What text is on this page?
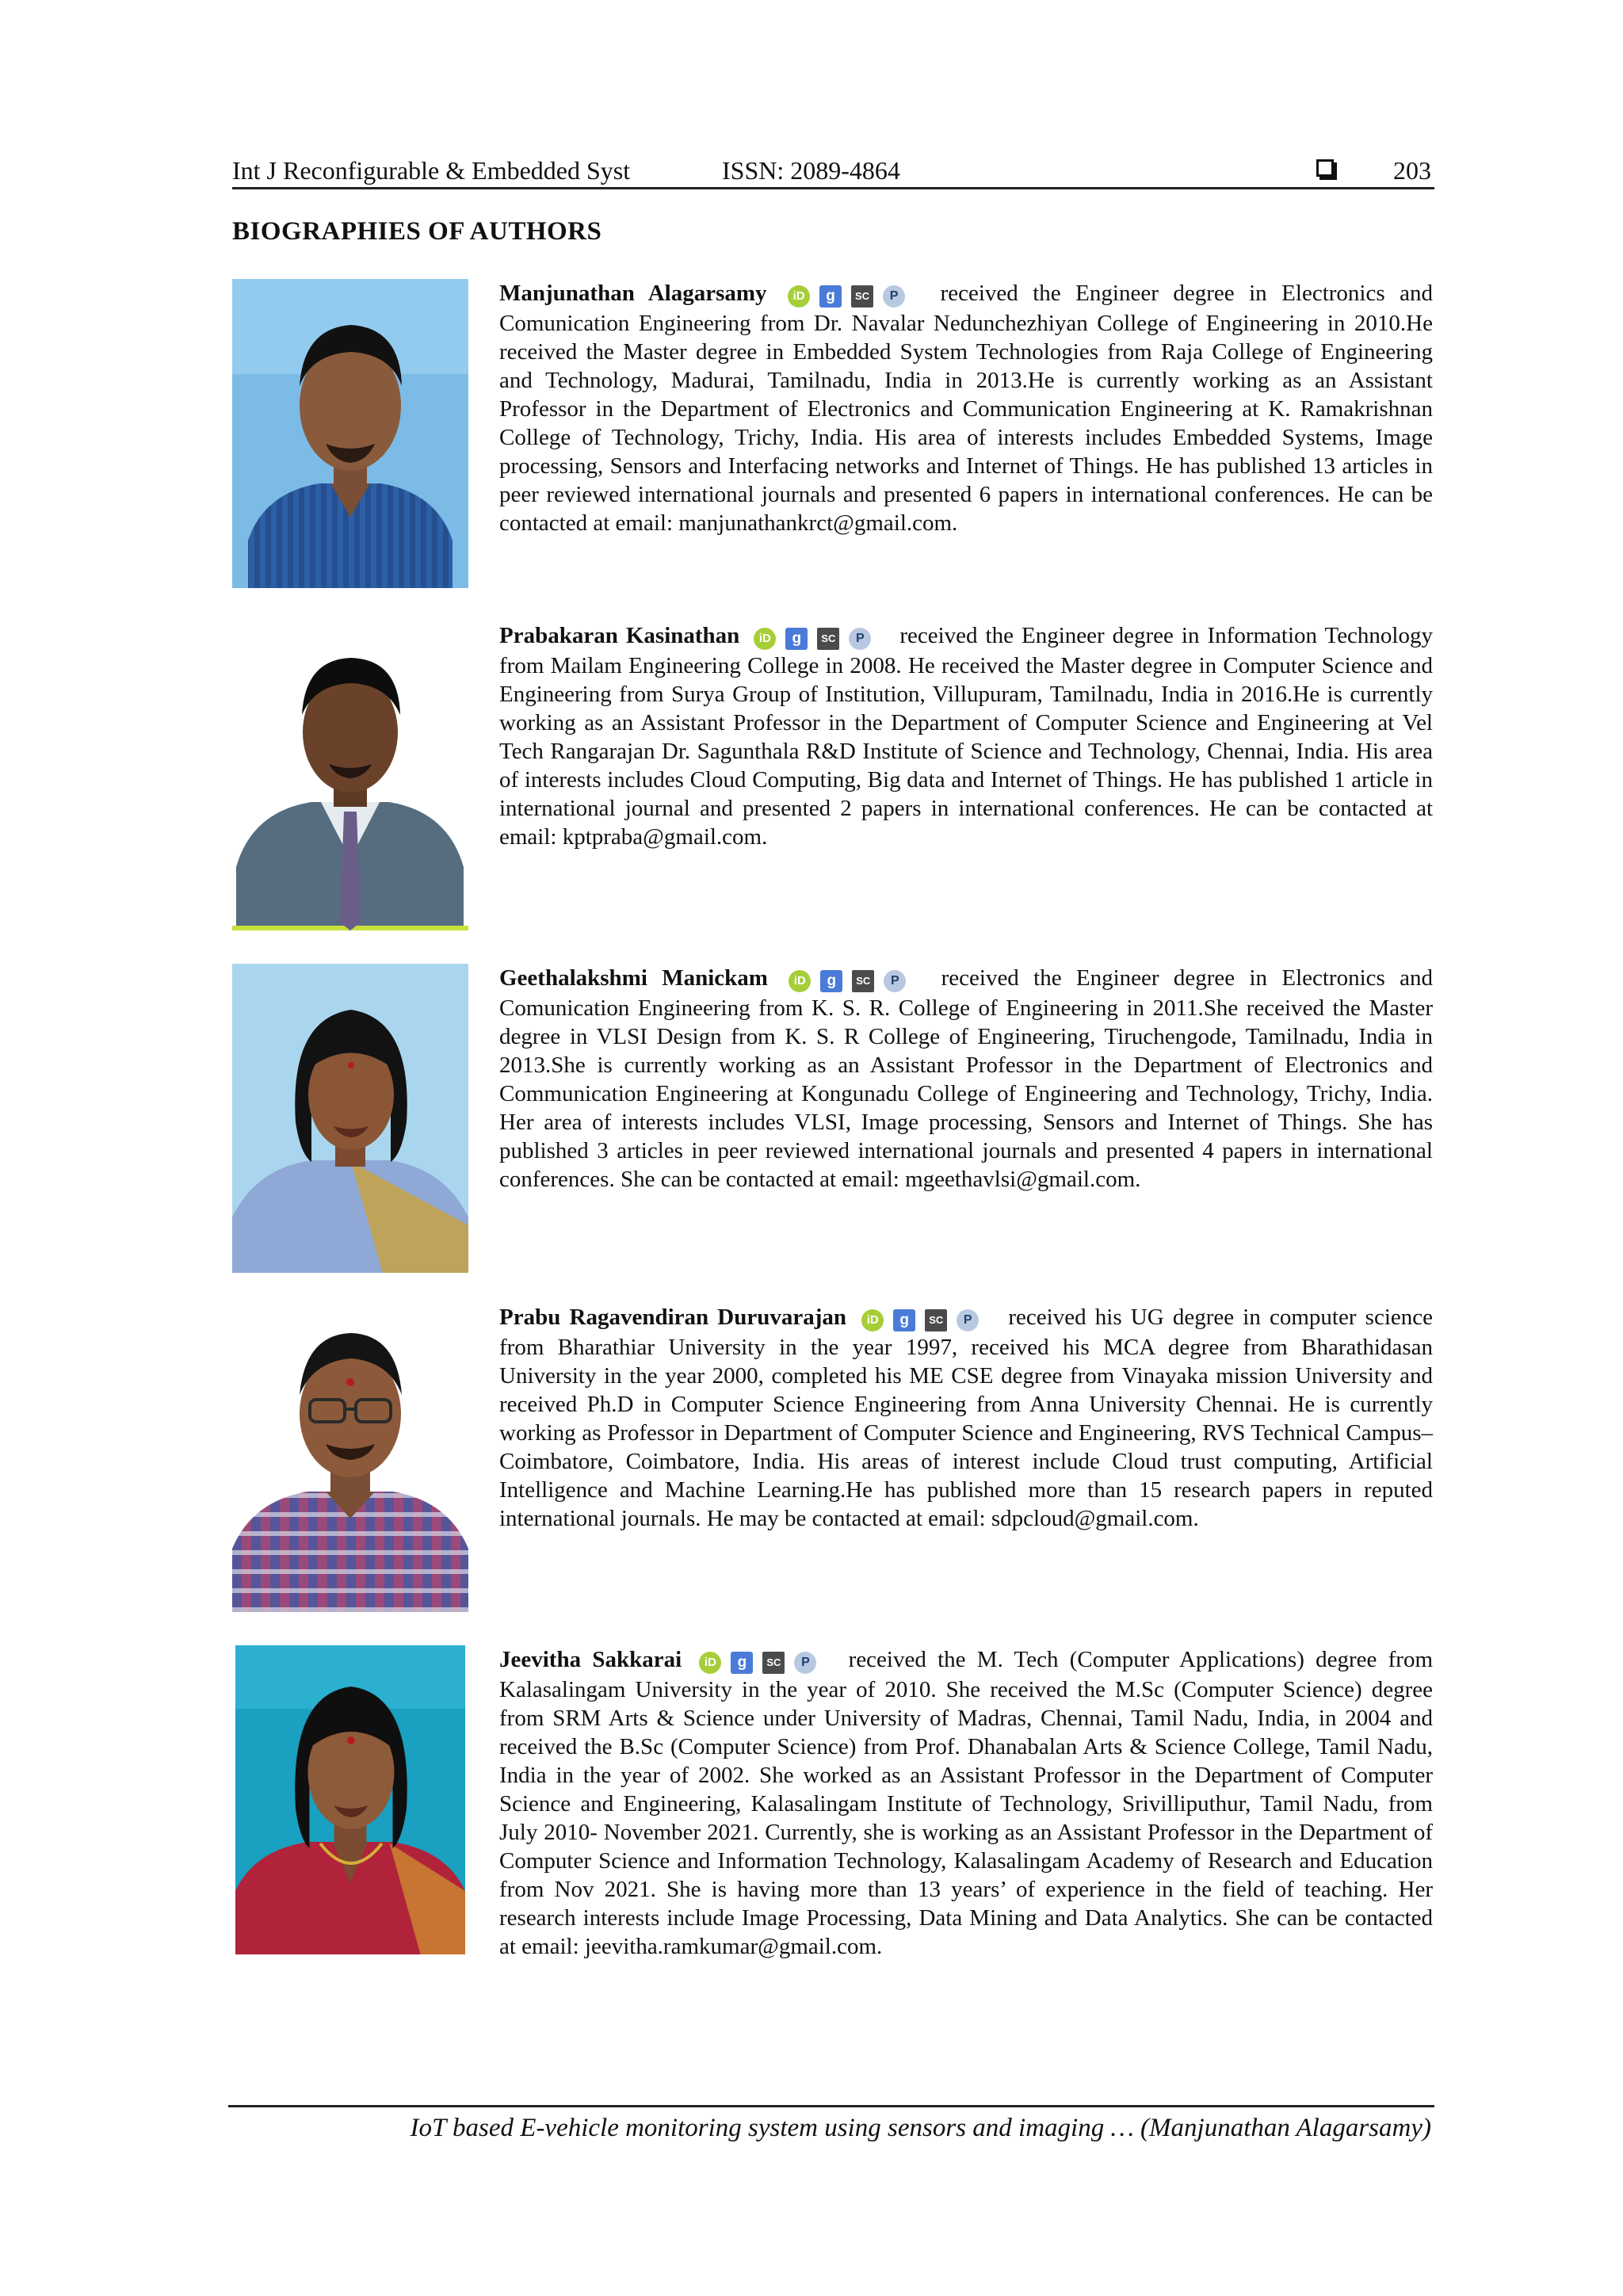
Int J Reconfigurable & Embedded Syst	ISSN: 2089-4864	203
BIOGRAPHIES OF AUTHORS
Manjunathan Alagarsamy iD g SC P received the Engineer degree in Electronics and Comunication Engineering from Dr. Navalar Nedunchezhiyan College of Engineering in 2010.He received the Master degree in Embedded System Technologies from Raja College of Engineering and Technology, Madurai, Tamilnadu, India in 2013.He is currently working as an Assistant Professor in the Department of Electronics and Communication Engineering at K. Ramakrishnan College of Technology, Trichy, India. His area of interests includes Embedded Systems, Image processing, Sensors and Interfacing networks and Internet of Things. He has published 13 articles in peer reviewed international journals and presented 6 papers in international conferences. He can be contacted at email: manjunathankrct@gmail.com.
Prabakaran Kasinathan iD g SC P received the Engineer degree in Information Technology from Mailam Engineering College in 2008. He received the Master degree in Computer Science and Engineering from Surya Group of Institution, Villupuram, Tamilnadu, India in 2016.He is currently working as an Assistant Professor in the Department of Computer Science and Engineering at Vel Tech Rangarajan Dr. Sagunthala R&D Institute of Science and Technology, Chennai, India. His area of interests includes Cloud Computing, Big data and Internet of Things. He has published 1 article in international journal and presented 2 papers in international conferences. He can be contacted at email: kptpraba@gmail.com.
Geethalakshmi Manickam iD g SC P received the Engineer degree in Electronics and Comunication Engineering from K. S. R. College of Engineering in 2011.She received the Master degree in VLSI Design from K. S. R College of Engineering, Tiruchengode, Tamilnadu, India in 2013.She is currently working as an Assistant Professor in the Department of Electronics and Communication Engineering at Kongunadu College of Engineering and Technology, Trichy, India. Her area of interests includes VLSI, Image processing, Sensors and Internet of Things. She has published 3 articles in peer reviewed international journals and presented 4 papers in international conferences. She can be contacted at email: mgeethavlsi@gmail.com.
Prabu Ragavendiran Duruvarajan iD g SC P received his UG degree in computer science from Bharathiar University in the year 1997, received his MCA degree from Bharathidasan University in the year 2000, completed his ME CSE degree from Vinayaka mission University and received Ph.D in Computer Science Engineering from Anna University Chennai. He is currently working as Professor in Department of Computer Science and Engineering, RVS Technical Campus–Coimbatore, Coimbatore, India. His areas of interest include Cloud trust computing, Artificial Intelligence and Machine Learning.He has published more than 15 research papers in reputed international journals. He may be contacted at email: sdpcloud@gmail.com.
Jeevitha Sakkarai iD g SC P received the M. Tech (Computer Applications) degree from Kalasalingam University in the year of 2010. She received the M.Sc (Computer Science) degree from SRM Arts & Science under University of Madras, Chennai, Tamil Nadu, India, in 2004 and received the B.Sc (Computer Science) from Prof. Dhanabalan Arts & Science College, Tamil Nadu, India in the year of 2002. She worked as an Assistant Professor in the Department of Computer Science and Engineering, Kalasalingam Institute of Technology, Srivilliputhur, Tamil Nadu, from July 2010- November 2021. Currently, she is working as an Assistant Professor in the Department of Computer Science and Information Technology, Kalasalingam Academy of Research and Education from Nov 2021. She is having more than 13 years’ of experience in the field of teaching. Her research interests include Image Processing, Data Mining and Data Analytics. She can be contacted at email: jeevitha.ramkumar@gmail.com.
IoT based E-vehicle monitoring system using sensors and imaging … (Manjunathan Alagarsamy)
